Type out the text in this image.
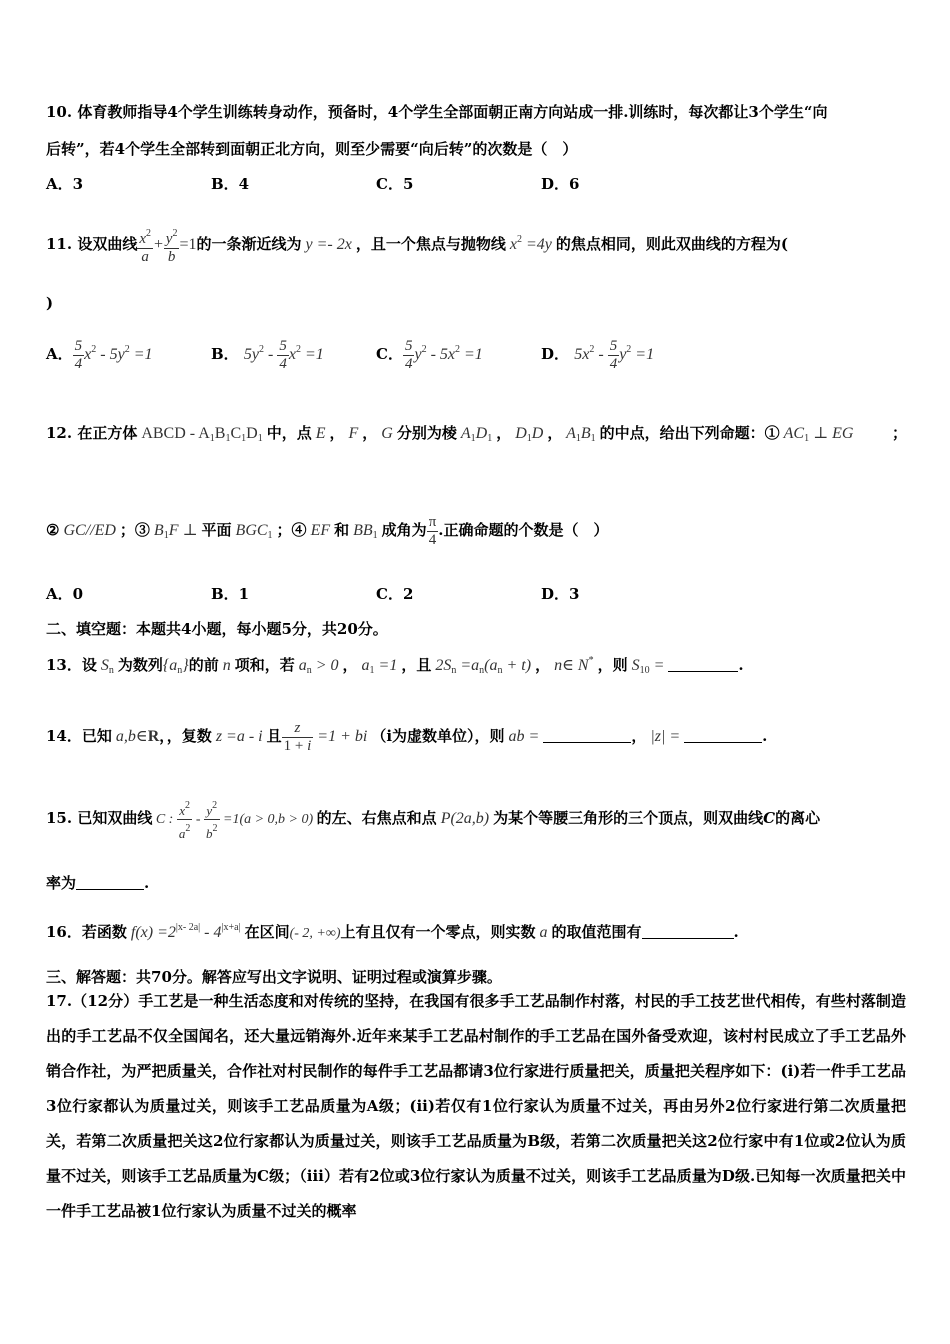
10. 体育教师指导4个学生训练转身动作，预备时，4个学生全部面朝正南方向站成一排.训练时，每次都让3个学生“向
后转”，若4个学生全部转到面朝正北方向，则至少需要“向后转”的次数是（　）
A．3	B．4	C．5	D．6
11. 设双曲线 $\frac{x^2}{a} + \frac{y^2}{b} =1$的一条渐近线为 y =- 2x ，且一个焦点与抛物线 $x^2 =4y$ 的焦点相同，则此双曲线的方程为(
)
A． $\frac{5}{4} x^2 - 5y^2 =1$	B． $5y^2 - \frac{5}{4} x^2 =1$	C． $\frac{5}{4} y^2 - 5x^2 =1$	D． $5x^2 - \frac{5}{4} y^2 =1$
12. 在正方体 ABCD - $A_1B_1C_1D_1$ 中，点 E ， F ， G 分别为棱 $A_1D_1$ ， $D_1D$ ， $A_1B_1$ 的中点，给出下列命题：① $AC_1$ ⊥ EG	；
② GC//ED ；③ $B_1F$ ⊥ 平面 $BGC_1$ ；④ EF 和 $BB_1$ 成角为 $\frac{\pi}{4}$ .正确命题的个数是（　）
A．0	B．1	C．2	D．3
二、填空题：本题共4小题，每小题5分，共20分。
13．设 $S_n$ 为数列$\{a_n\}$的前 n 项和，若 $a_n > 0$ ， $a_1 =1$ ，且 $2S_n =a_n(a_n + t)$ ， n∈ N* ，则 $S_{10}$ =	.
14．已知 a,b∈R，，复数 z =a - i 且 $\frac{z}{1 + i} =1$ + bi （i为虚数单位），则 ab =	， |z| =	.
15. 已知双曲线 C : $\frac{x^2}{a^2} - \frac{y^2}{b^2} =1(a > 0,b > 0)$ 的左、右焦点和点 P(2a,b) 为某个等腰三角形的三个顶点，则双曲线C的离心
率为	.
16．若函数 $f(x) =2^{|x- 2a|} - 4^{|x+a|}$ 在区间(- 2, +∞)上有且仅有一个零点，则实数 a 的取值范围有	.
三、解答题：共70分。解答应写出文字说明、证明过程或演算步骤。
17.（12分）手工艺是一种生活态度和对传统的坚持，在我国有很多手工艺品制作村落，村民的手工技艺世代相传，有些村落制造出的手工艺品不仅全国闻名，还大量远销海外.近年来某手工艺品村制作的手工艺品在国外备受欢迎，该村村民成立了手工艺品外销合作社，为严把质量关，合作社对村民制作的每件手工艺品都请3位行家进行质量把关，质量把关程序如下：(i)若一件手工艺品3位行家都认为质量过关，则该手工艺品质量为A级；(ii)若仅有1位行家认为质量不过关，再由另外2位行家进行第二次质量把关，若第二次质量把关这2位行家都认为质量过关，则该手工艺品质量为B级，若第二次质量把关这2位行家中有1位或2位认为质量不过关，则该手工艺品质量为C级；（iii）若有2位或3位行家认为质量不过关，则该手工艺品质量为D级.已知每一次质量把关中一件手工艺品被1位行家认为质量不过关的概率
